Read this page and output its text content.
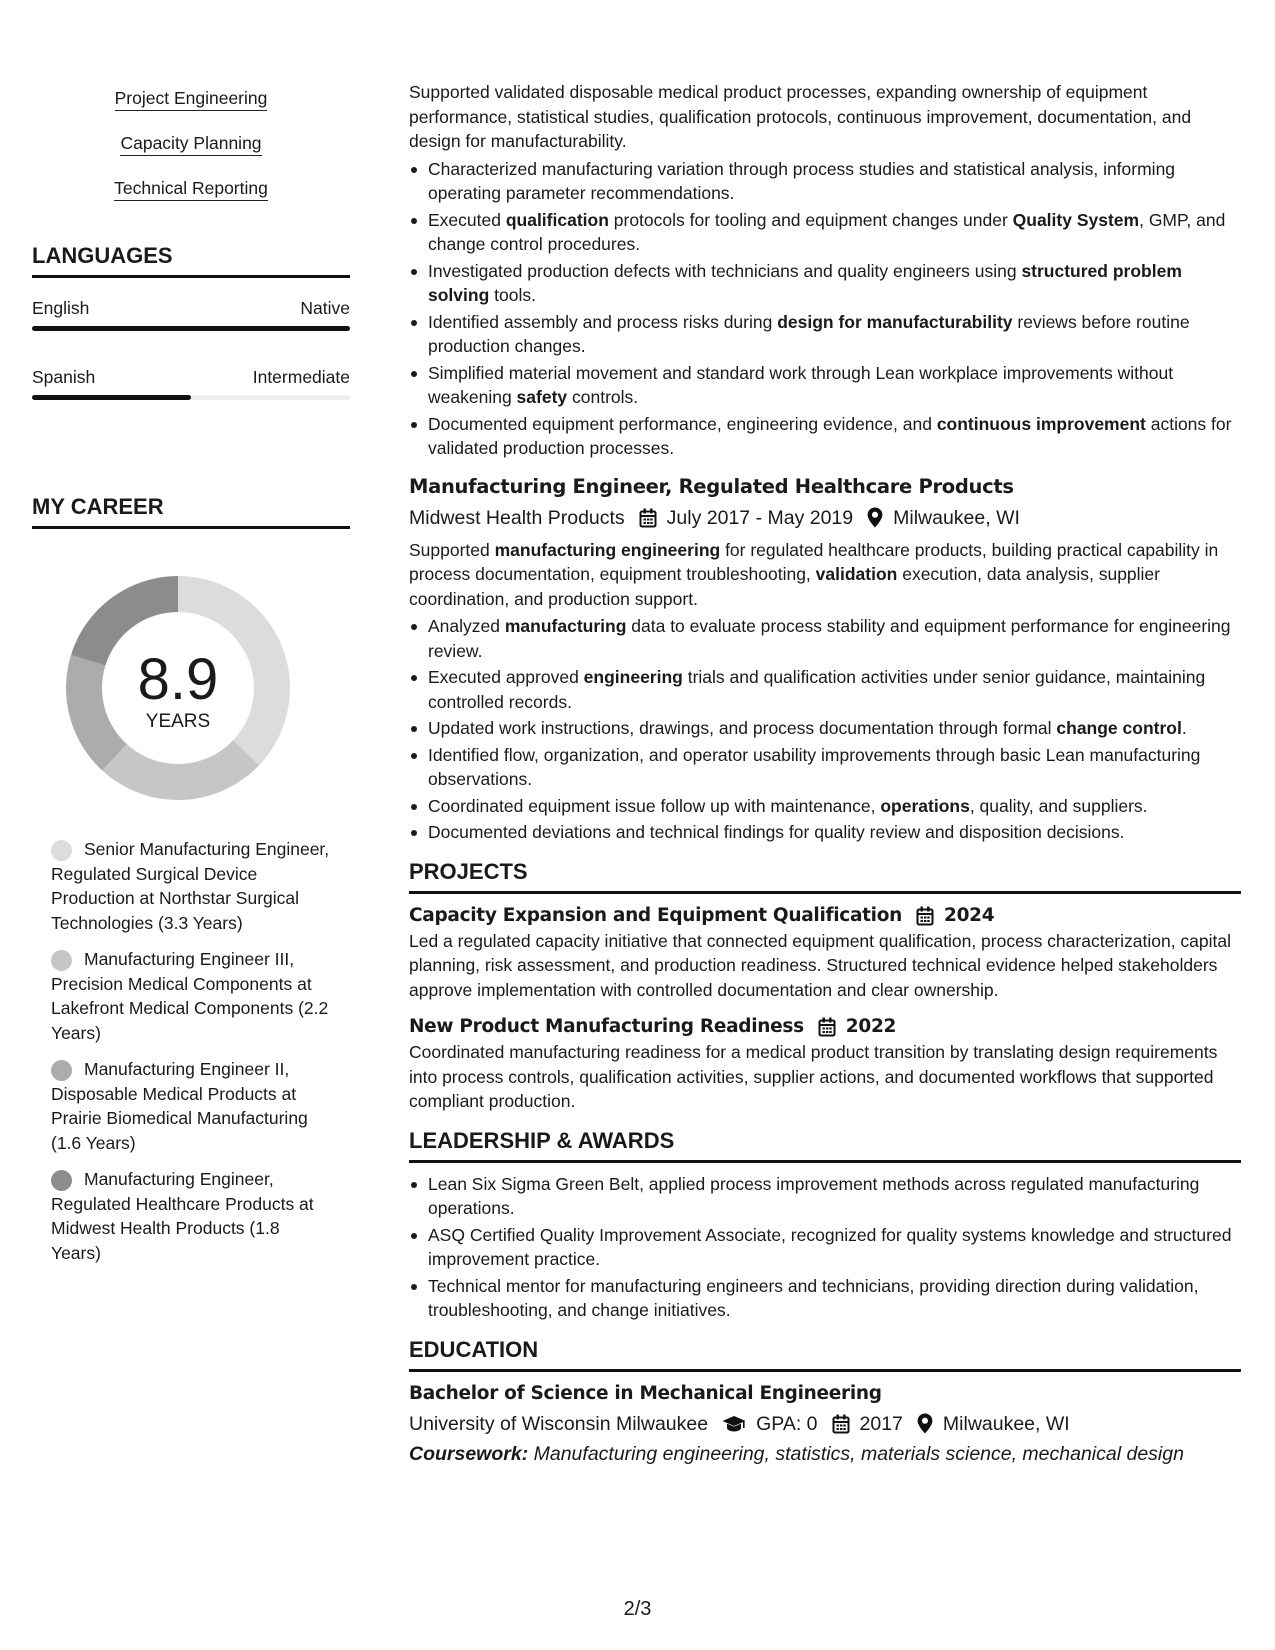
Project Engineering
Capacity Planning
Technical Reporting
LANGUAGES
English	Native
Spanish	Intermediate
MY CAREER
8.9
YEARS
Senior Manufacturing Engineer, Regulated Surgical Device Production at Northstar Surgical Technologies (3.3 Years)
Manufacturing Engineer III, Precision Medical Components at Lakefront Medical Components (2.2 Years)
Manufacturing Engineer II, Disposable Medical Products at Prairie Biomedical Manufacturing (1.6 Years)
Manufacturing Engineer, Regulated Healthcare Products at Midwest Health Products (1.8 Years)
Supported validated disposable medical product processes, expanding ownership of equipment performance, statistical studies, qualification protocols, continuous improvement, documentation, and design for manufacturability.
Characterized manufacturing variation through process studies and statistical analysis, informing operating parameter recommendations.
Executed qualification protocols for tooling and equipment changes under Quality System, GMP, and change control procedures.
Investigated production defects with technicians and quality engineers using structured problem solving tools.
Identified assembly and process risks during design for manufacturability reviews before routine production changes.
Simplified material movement and standard work through Lean workplace improvements without weakening safety controls.
Documented equipment performance, engineering evidence, and continuous improvement actions for validated production processes.
Manufacturing Engineer, Regulated Healthcare Products
Midwest Health Products July 2017 - May 2019 Milwaukee, WI
Supported manufacturing engineering for regulated healthcare products, building practical capability in process documentation, equipment troubleshooting, validation execution, data analysis, supplier coordination, and production support.
Analyzed manufacturing data to evaluate process stability and equipment performance for engineering review.
Executed approved engineering trials and qualification activities under senior guidance, maintaining controlled records.
Updated work instructions, drawings, and process documentation through formal change control.
Identified flow, organization, and operator usability improvements through basic Lean manufacturing observations.
Coordinated equipment issue follow up with maintenance, operations, quality, and suppliers.
Documented deviations and technical findings for quality review and disposition decisions.
PROJECTS
Capacity Expansion and Equipment Qualification 2024
Led a regulated capacity initiative that connected equipment qualification, process characterization, capital planning, risk assessment, and production readiness. Structured technical evidence helped stakeholders approve implementation with controlled documentation and clear ownership.
New Product Manufacturing Readiness 2022
Coordinated manufacturing readiness for a medical product transition by translating design requirements into process controls, qualification activities, supplier actions, and documented workflows that supported compliant production.
LEADERSHIP & AWARDS
Lean Six Sigma Green Belt, applied process improvement methods across regulated manufacturing operations.
ASQ Certified Quality Improvement Associate, recognized for quality systems knowledge and structured improvement practice.
Technical mentor for manufacturing engineers and technicians, providing direction during validation, troubleshooting, and change initiatives.
EDUCATION
Bachelor of Science in Mechanical Engineering
University of Wisconsin Milwaukee GPA: 0 2017 Milwaukee, WI
Coursework: Manufacturing engineering, statistics, materials science, mechanical design
2/3
